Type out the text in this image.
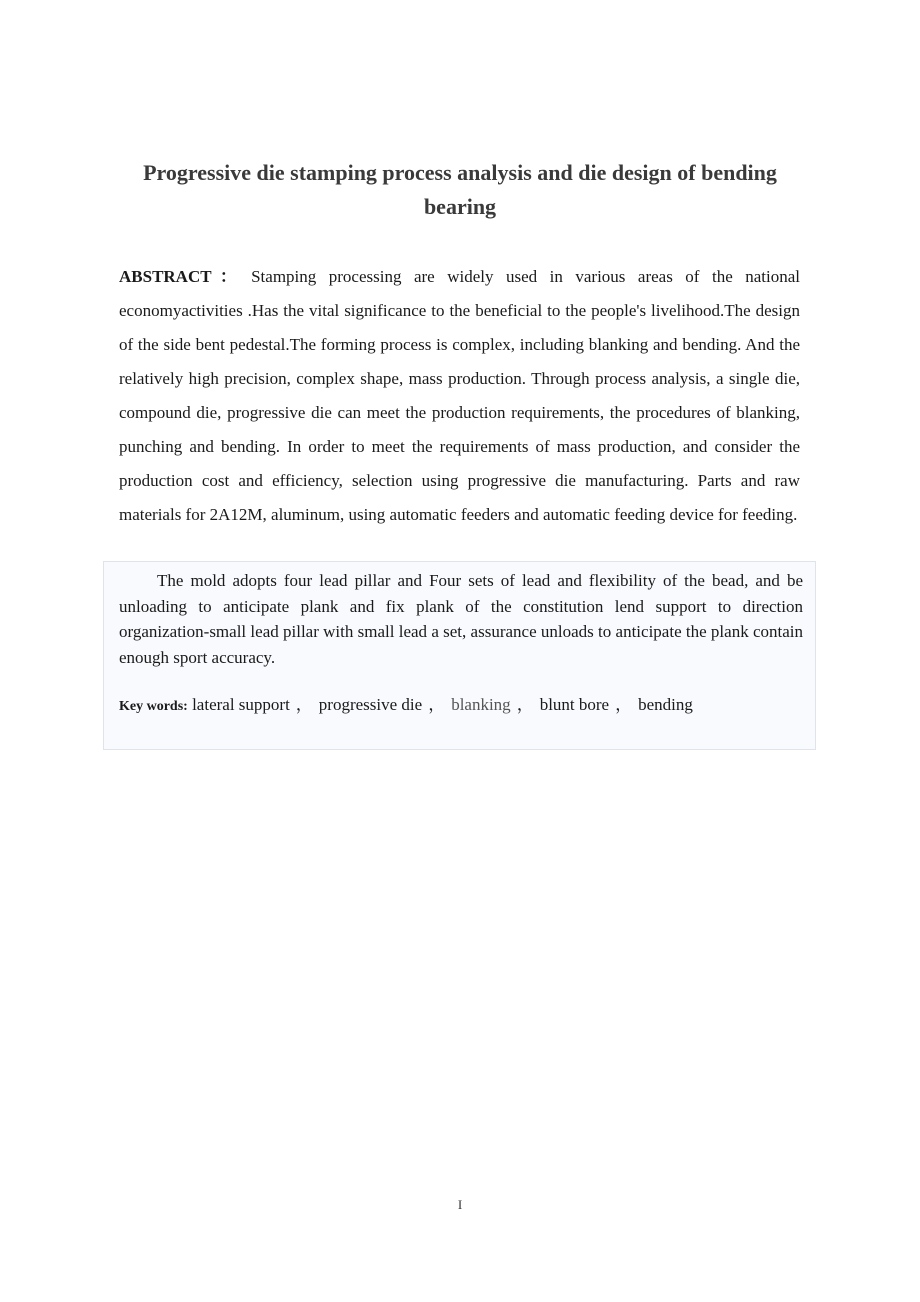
Progressive die stamping process analysis and die design of bending bearing

ABSTRACT： Stamping processing are widely used in various areas of the national economyactivities .Has the vital significance to the beneficial to the people's livelihood.The design of the side bent pedestal.The forming process is complex, including blanking and bending. And the relatively high precision, complex shape, mass production. Through process analysis, a single die, compound die, progressive die can meet the production requirements, the procedures of blanking, punching and bending. In order to meet the requirements of mass production, and consider the production cost and efficiency, selection using progressive die manufacturing. Parts and raw materials for 2A12M, aluminum, using automatic feeders and automatic feeding device for feeding.

The mold adopts four lead pillar and Four sets of lead and flexibility of the bead, and be unloading to anticipate plank and fix plank of the constitution lend support to direction organization-small lead pillar with small lead a set, assurance unloads to anticipate the plank contain enough sport accuracy.

Key words: lateral support ， progressive die ， blanking ， blunt bore ， bending

I
